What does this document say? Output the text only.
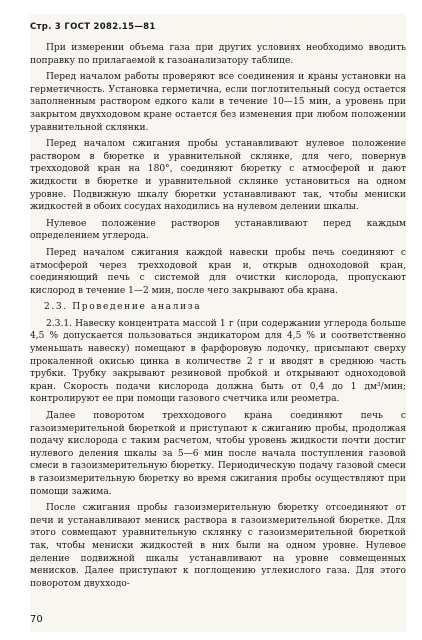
Стр. 3 ГОСТ 2082.15—81

При измерении объема газа при других условиях необходимо вводить поправку по прилагаемой к газоанализатору таблице.

Перед началом работы проверяют все соединения и краны установки на герметичность. Установка герметична, если поглотительный сосуд остается заполненным раствором едкого кали в течение 10—15 мин, а уровень при закрытом двухходовом кране остается без изменения при любом положении уравнительной склянки.

Перед началом сжигания пробы устанавливают нулевое положение раствором в бюретке и уравнительной склянке, для чего, повернув трехходовой кран на 180°, соединяют бюретку с атмосферой и дают жидкости в бюретке и уравнительной склянке установиться на одном уровне. Подвижную шкалу бюретки устанавливают так, чтобы мениски жидкостей в обоих сосудах находились на нулевом делении шкалы.

Нулевое положение растворов устанавливают перед каждым определением углерода.

Перед началом сжигания каждой навески пробы печь соединяют с атмосферой через трехходовой кран и, открыв одноходовой кран, соединяющий печь с системой для очистки кислорода, пропускают кислород в течение 1—2 мин, после чего закрывают оба крана.

2.3. Проведение анализа

2.3.1. Навеску концентрата массой 1 г (при содержании углерода больше 4,5 % допускается пользоваться эндикатором для 4,5 % и соответственно уменьшать навеску) помещают в фарфоровую лодочку, присыпают сверху прокаленной окисью цинка в количестве 2 г и вводят в среднюю часть трубки. Трубку закрывают резиновой пробкой и открывают одноходовой кран. Скорость подачи кислорода должна быть от 0,4 до 1 дм³/мин; контролируют ее при помощи газового счетчика или реометра.

Далее поворотом трехходового крана соединяют печь с газоизмерительной бюреткой и приступают к сжиганию пробы, продолжая подачу кислорода с таким расчетом, чтобы уровень жидкости почти достиг нулевого деления шкалы за 5—6 мин после начала поступления газовой смеси в газоизмерительную бюретку. Периодическую подачу газовой смеси в газоизмерительную бюретку во время сжигания пробы осуществляют при помощи зажима.

После сжигания пробы газоизмерительную бюретку отсоединяют от печи и устанавливают мениск раствора в газоизмерительной бюретке. Для этого совмещают уравнительную склянку с газоизмерительной бюреткой так, чтобы мениски жидкостей в них были на одном уровне. Нулевое деление подвижной шкалы устанавливают на уровне совмещенных менисков. Далее приступают к поглощению углекислого газа. Для этого поворотом двухходо-

70
